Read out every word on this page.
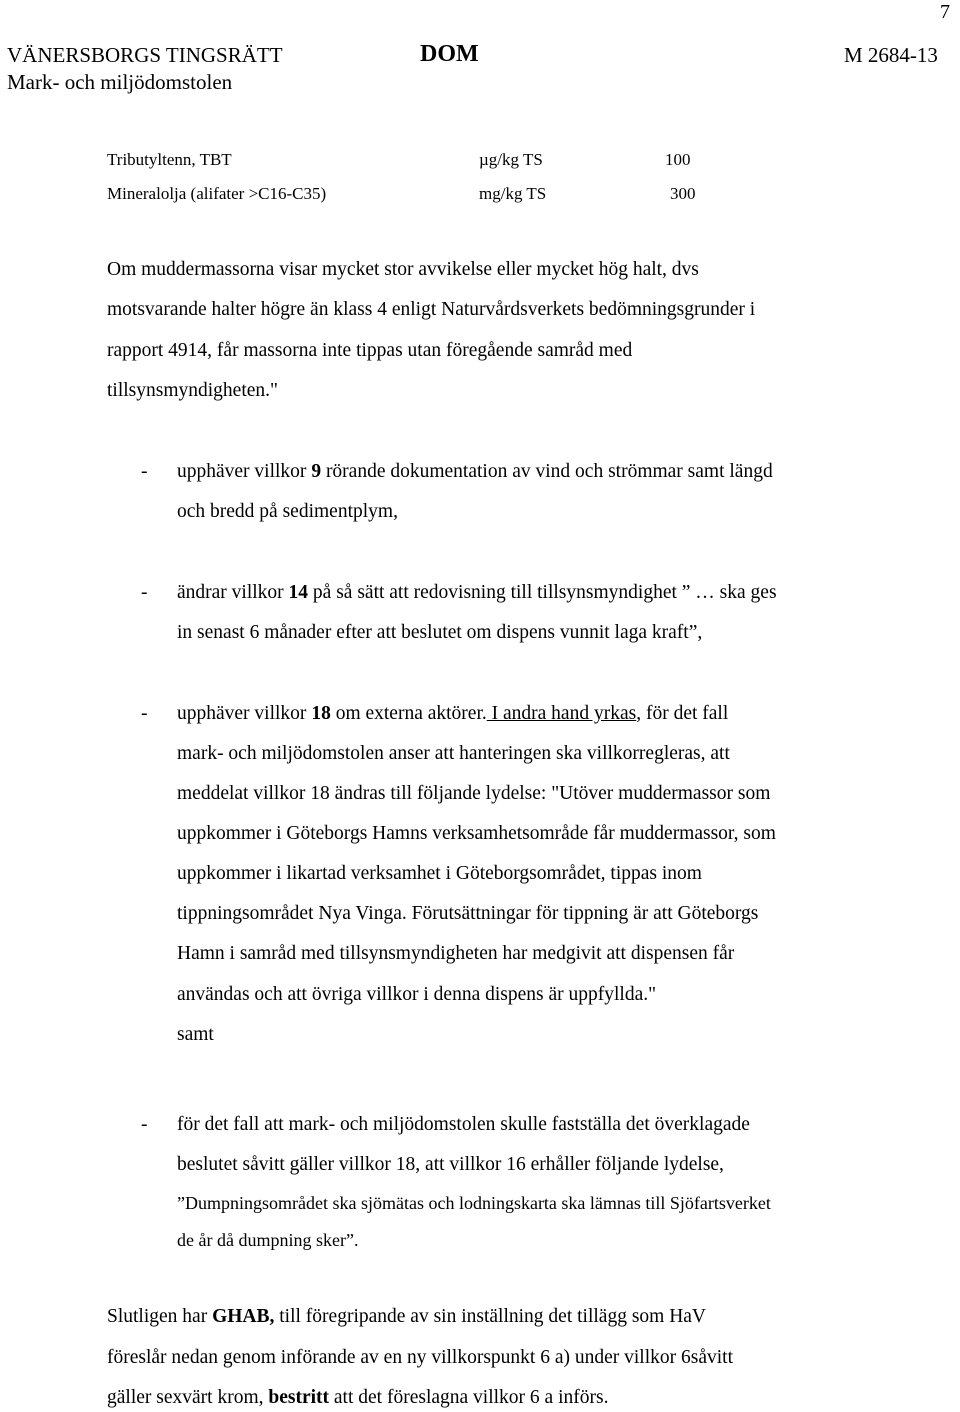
7
VÄNERSBORGS TINGSRÄTT
Mark- och miljödomstolen
DOM	M 2684-13
Tributyltenn, TBT	µg/kg TS	100
Mineralolja (alifater >C16-C35)	mg/kg TS	300
Om muddermassorna visar mycket stor avvikelse eller mycket hög halt, dvs
motsvarande halter högre än klass 4 enligt Naturvårdsverkets bedömningsgrunder i
rapport 4914, får massorna inte tippas utan föregående samråd med
tillsynsmyndigheten."
- upphäver villkor 9 rörande dokumentation av vind och strömmar samt längd
och bredd på sedimentplym,
- ändrar villkor 14 på så sätt att redovisning till tillsynsmyndighet ” … ska ges
in senast 6 månader efter att beslutet om dispens vunnit laga kraft”,
- upphäver villkor 18 om externa aktörer. I andra hand yrkas, för det fall
mark- och miljödomstolen anser att hanteringen ska villkorregleras, att
meddelat villkor 18 ändras till följande lydelse: "Utöver muddermassor som
uppkommer i Göteborgs Hamns verksamhetsområde får muddermassor, som
uppkommer i likartad verksamhet i Göteborgsområdet, tippas inom
tippningsområdet Nya Vinga. Förutsättningar för tippning är att Göteborgs
Hamn i samråd med tillsynsmyndigheten har medgivit att dispensen får
användas och att övriga villkor i denna dispens är uppfyllda."
samt
- för det fall att mark- och miljödomstolen skulle fastställa det överklagade
beslutet såvitt gäller villkor 18, att villkor 16 erhåller följande lydelse,
”Dumpningsområdet ska sjömätas och lodningskarta ska lämnas till Sjöfartsverket
de år då dumpning sker”.
Slutligen har GHAB, till föregripande av sin inställning det tillägg som HaV
föreslår nedan genom införande av en ny villkorspunkt 6 a) under villkor 6såvitt
gäller sexvärt krom, bestritt att det föreslagna villkor 6 a införs.
